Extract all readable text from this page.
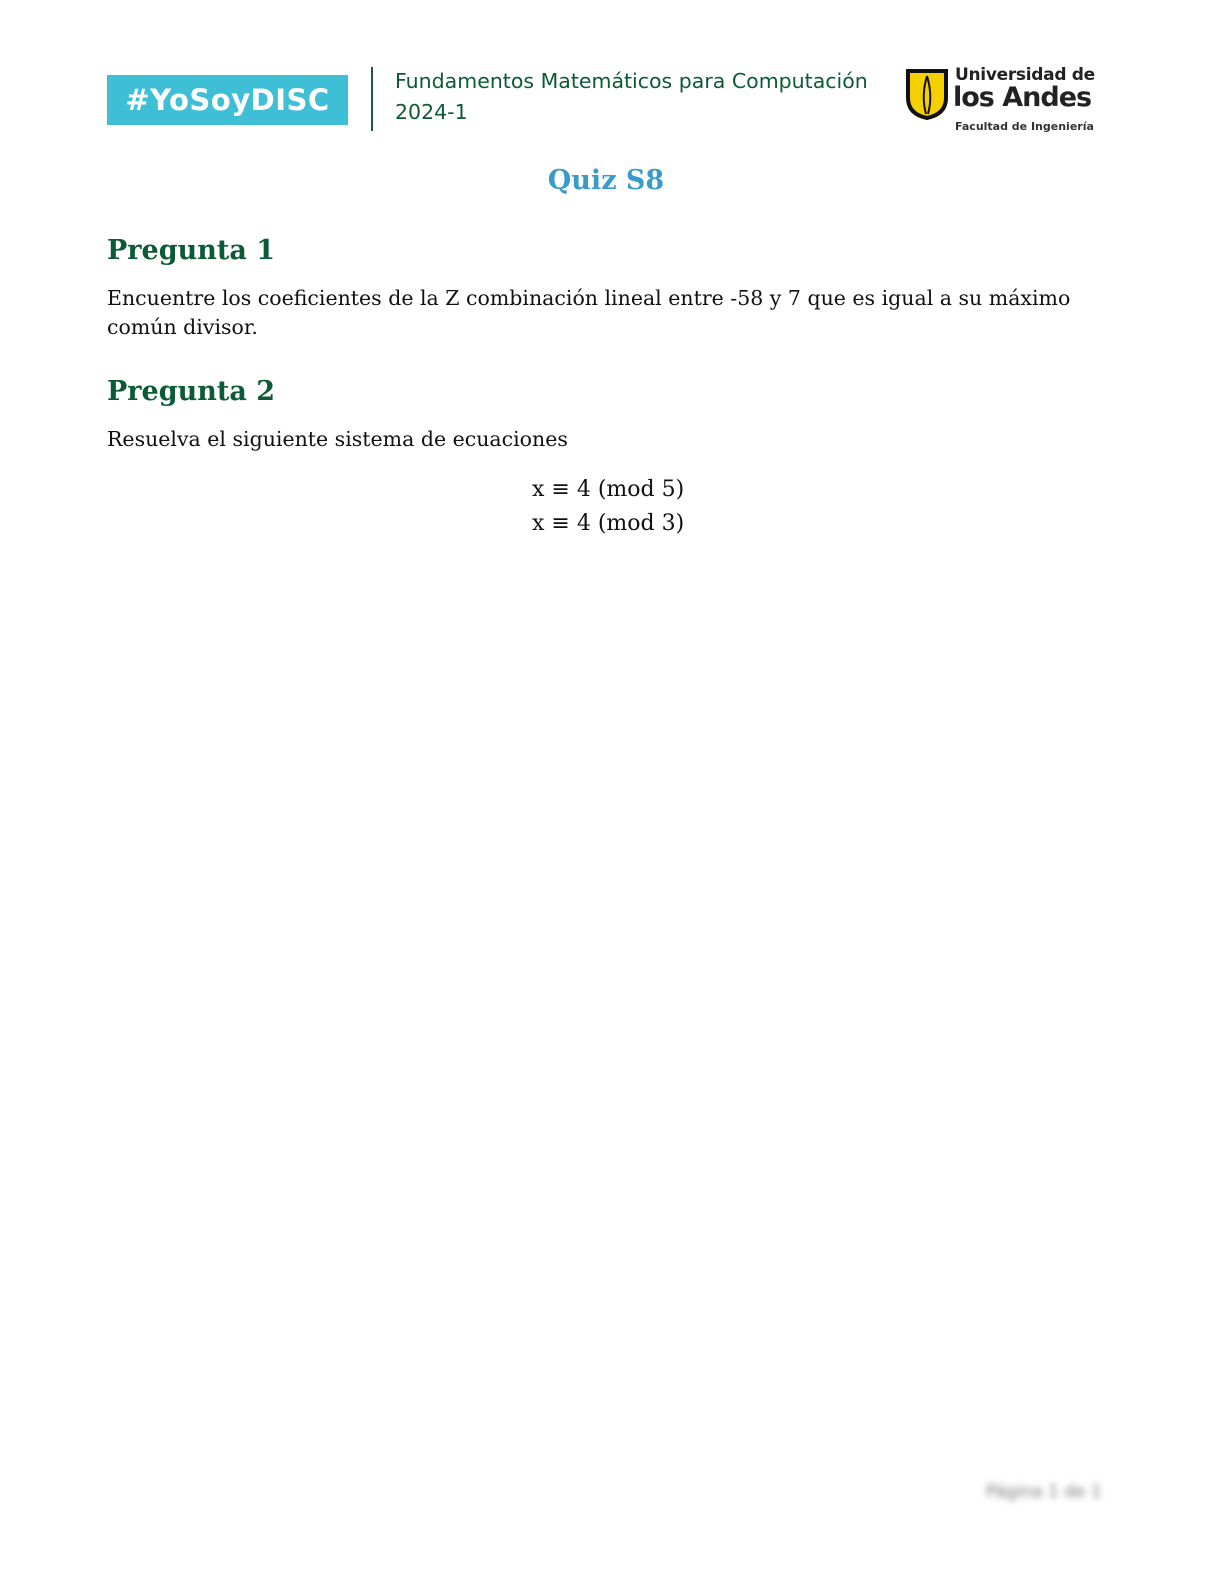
#YoSoyDISC
Fundamentos Matemáticos para Computación
2024-1
Universidad de
los Andes
Facultad de Ingeniería
Quiz S8
Pregunta 1
Encuentre los coeficientes de la Z combinación lineal entre -58 y 7 que es igual a su máximo común divisor.
Pregunta 2
Resuelva el siguiente sistema de ecuaciones
x ≡ 4 (mod 5)
x ≡ 4 (mod 3)
Página 1 de 1
